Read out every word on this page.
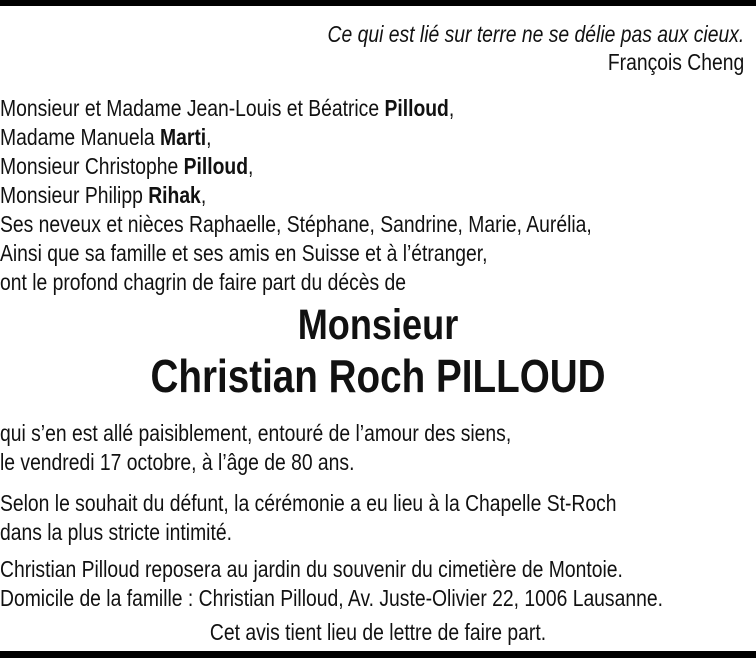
Ce qui est lié sur terre ne se délie pas aux cieux.
François Cheng
Monsieur et Madame Jean-Louis et Béatrice Pilloud,
Madame Manuela Marti,
Monsieur Christophe Pilloud,
Monsieur Philipp Rihak,
Ses neveux et nièces Raphaelle, Stéphane, Sandrine, Marie, Aurélia,
Ainsi que sa famille et ses amis en Suisse et à l’étranger,
ont le profond chagrin de faire part du décès de
Monsieur
Christian Roch PILLOUD
qui s’en est allé paisiblement, entouré de l’amour des siens,
le vendredi 17 octobre, à l’âge de 80 ans.
Selon le souhait du défunt, la cérémonie a eu lieu à la Chapelle St-Roch
dans la plus stricte intimité.
Christian Pilloud reposera au jardin du souvenir du cimetière de Montoie.
Domicile de la famille : Christian Pilloud, Av. Juste-Olivier 22, 1006 Lausanne.
Cet avis tient lieu de lettre de faire part.
